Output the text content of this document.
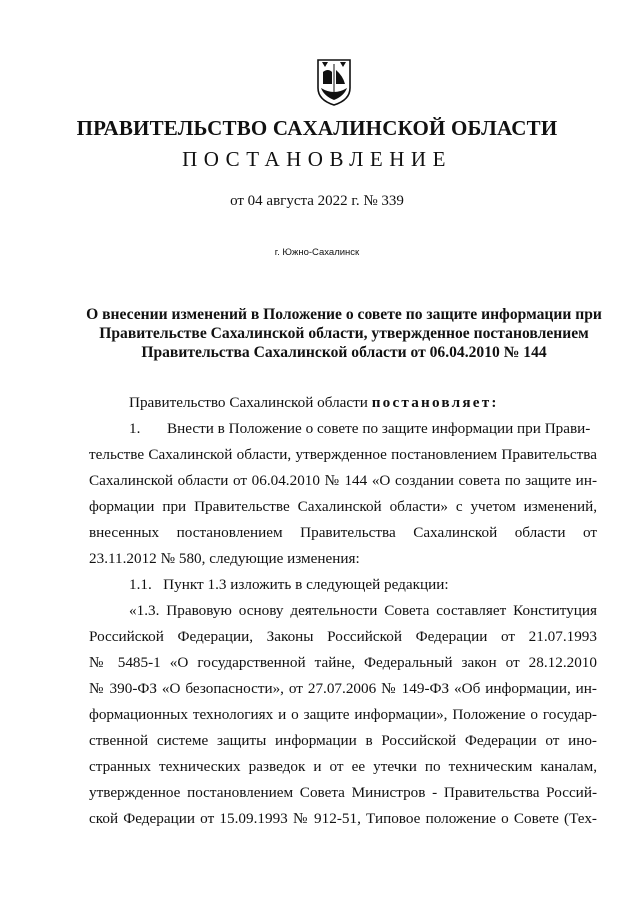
ПРАВИТЕЛЬСТВО САХАЛИНСКОЙ ОБЛАСТИ
ПОСТАНОВЛЕНИЕ
от 04 августа 2022 г. № 339
г. Южно-Сахалинск
О внесении изменений в Положение о совете по защите информации при
Правительстве Сахалинской области, утвержденное постановлением
Правительства Сахалинской области от 06.04.2010 № 144
Правительство Сахалинской области постановляет:
1. Внести в Положение о совете по защите информации при Прави-
тельстве Сахалинской области, утвержденное постановлением Правительства
Сахалинской области от 06.04.2010 № 144 «О создании совета по защите ин-
формации при Правительстве Сахалинской области» с учетом изменений,
внесенных постановлением Правительства Сахалинской области от
23.11.2012 № 580, следующие изменения:
1.1.   Пункт 1.3 изложить в следующей редакции:
«1.3. Правовую основу деятельности Совета составляет Конституция
Российской Федерации, Законы Российской Федерации от 21.07.1993
№ 5485-1 «О государственной тайне, Федеральный закон от 28.12.2010
№ 390-ФЗ «О безопасности», от 27.07.2006 № 149-ФЗ «Об информации, ин-
формационных технологиях и о защите информации», Положение о государ-
ственной системе защиты информации в Российской Федерации от ино-
странных технических разведок и от ее утечки по техническим каналам,
утвержденное постановлением Совета Министров - Правительства Россий-
ской Федерации от 15.09.1993 № 912-51, Типовое положение о Совете (Тех-
